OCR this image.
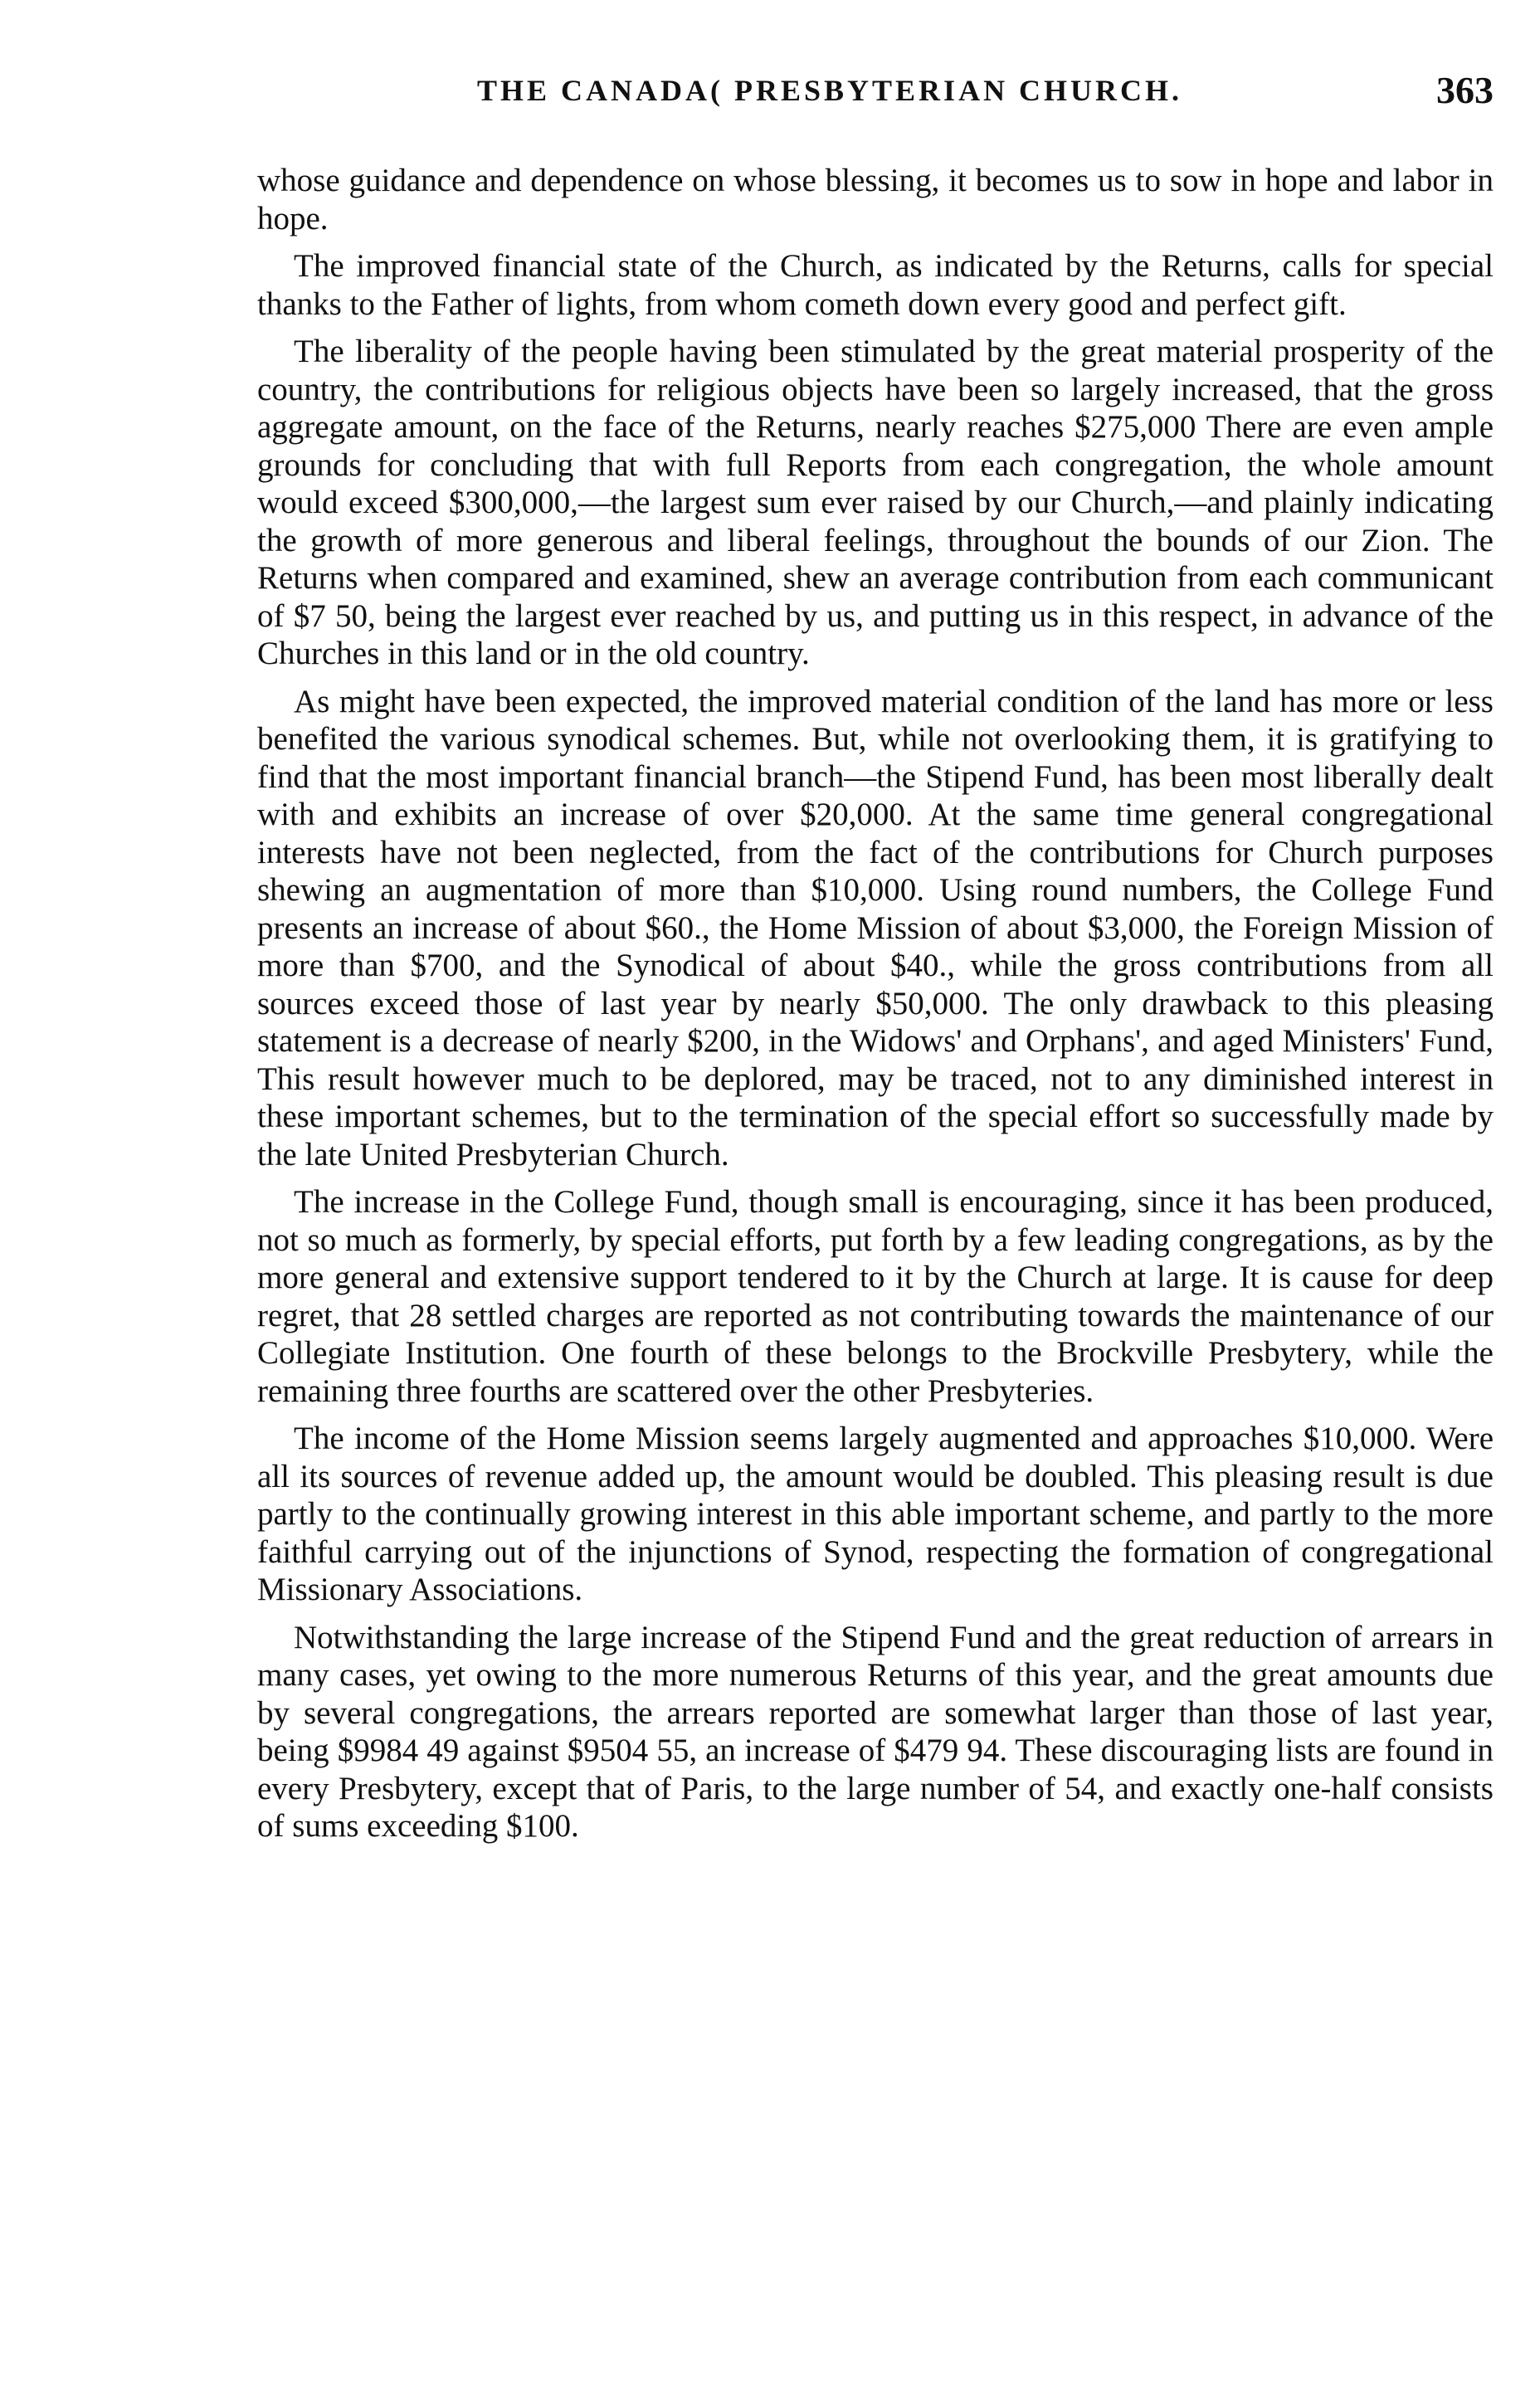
THE CANADA( PRESBYTERIAN CHURCH.	363

whose guidance and dependence on whose blessing, it becomes us to sow in hope and labor in hope.

The improved financial state of the Church, as indicated by the Returns, calls for special thanks to the Father of lights, from whom cometh down every good and perfect gift.

The liberality of the people having been stimulated by the great material prosperity of the country, the contributions for religious objects have been so largely increased, that the gross aggregate amount, on the face of the Returns, nearly reaches $275,000 There are even ample grounds for concluding that with full Reports from each congregation, the whole amount would exceed $300,000,—the largest sum ever raised by our Church,—and plainly indicating the growth of more generous and liberal feelings, throughout the bounds of our Zion. The Returns when compared and examined, shew an average contribution from each communicant of $7 50, being the largest ever reached by us, and putting us in this respect, in advance of the Churches in this land or in the old country.

As might have been expected, the improved material condition of the land has more or less benefited the various synodical schemes. But, while not overlooking them, it is gratifying to find that the most important financial branch—the Stipend Fund, has been most liberally dealt with and exhibits an increase of over $20,000. At the same time general congregational interests have not been neglected, from the fact of the contributions for Church purposes shewing an augmentation of more than $10,000. Using round numbers, the College Fund presents an increase of about $60., the Home Mission of about $3,000, the Foreign Mission of more than $700, and the Synodical of about $40., while the gross contributions from all sources exceed those of last year by nearly $50,000. The only drawback to this pleasing statement is a decrease of nearly $200, in the Widows' and Orphans', and aged Ministers' Fund, This result however much to be deplored, may be traced, not to any diminished interest in these important schemes, but to the termination of the special effort so successfully made by the late United Presbyterian Church.

The increase in the College Fund, though small is encouraging, since it has been produced, not so much as formerly, by special efforts, put forth by a few leading congregations, as by the more general and extensive support tendered to it by the Church at large. It is cause for deep regret, that 28 settled charges are reported as not contributing towards the maintenance of our Collegiate Institution. One fourth of these belongs to the Brockville Presbytery, while the remaining three fourths are scattered over the other Presbyteries.

The income of the Home Mission seems largely augmented and approaches $10,000. Were all its sources of revenue added up, the amount would be doubled. This pleasing result is due partly to the continually growing interest in this able important scheme, and partly to the more faithful carrying out of the injunctions of Synod, respecting the formation of congregational Missionary Associations.

Notwithstanding the large increase of the Stipend Fund and the great reduction of arrears in many cases, yet owing to the more numerous Returns of this year, and the great amounts due by several congregations, the arrears reported are somewhat larger than those of last year, being $9984 49 against $9504 55, an increase of $479 94. These discouraging lists are found in every Presbytery, except that of Paris, to the large number of 54, and exactly one-half consists of sums exceeding $100.
